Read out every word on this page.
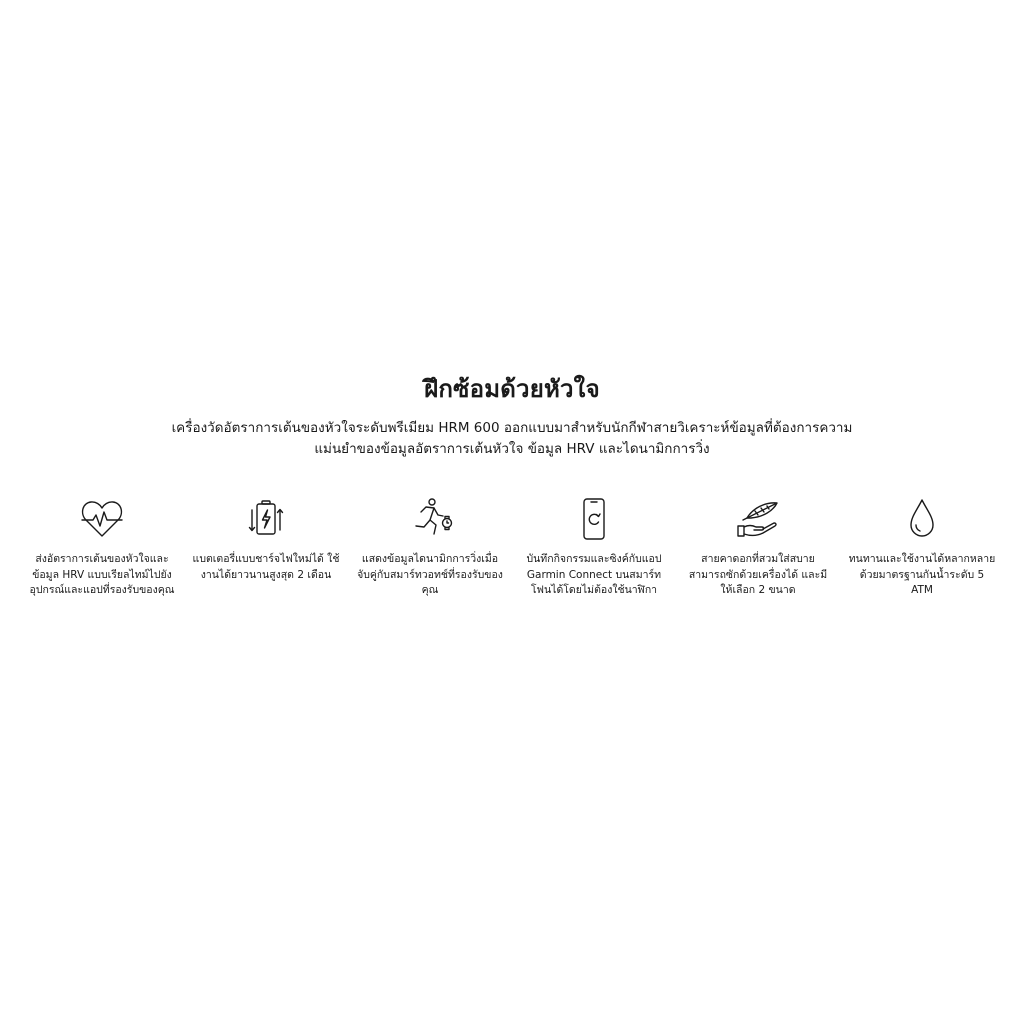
ฝึกซ้อมด้วยหัวใจ
เครื่องวัดอัตราการเต้นของหัวใจระดับพรีเมียม HRM 600 ออกแบบมาสำหรับนักกีฬาสายวิเคราะห์ข้อมูลที่ต้องการความ
แม่นยำของข้อมูลอัตราการเต้นหัวใจ ข้อมูล HRV และไดนามิกการวิ่ง
ส่งอัตราการเต้นของหัวใจและข้อมูล HRV แบบเรียลไทม์ไปยังอุปกรณ์และแอปที่รองรับของคุณ
แบตเตอรี่แบบชาร์จไฟใหม่ได้ ใช้งานได้ยาวนานสูงสุด 2 เดือน
แสดงข้อมูลไดนามิกการวิ่งเมื่อจับคู่กับสมาร์ทวอทช์ที่รองรับของคุณ
บันทึกกิจกรรมและซิงค์กับแอป Garmin Connect บนสมาร์ทโฟนได้โดยไม่ต้องใช้นาฬิกา
สายคาดอกที่สวมใส่สบาย สามารถซักด้วยเครื่องได้ และมีให้เลือก 2 ขนาด
ทนทานและใช้งานได้หลากหลาย ด้วยมาตรฐานกันน้ำระดับ 5 ATM
